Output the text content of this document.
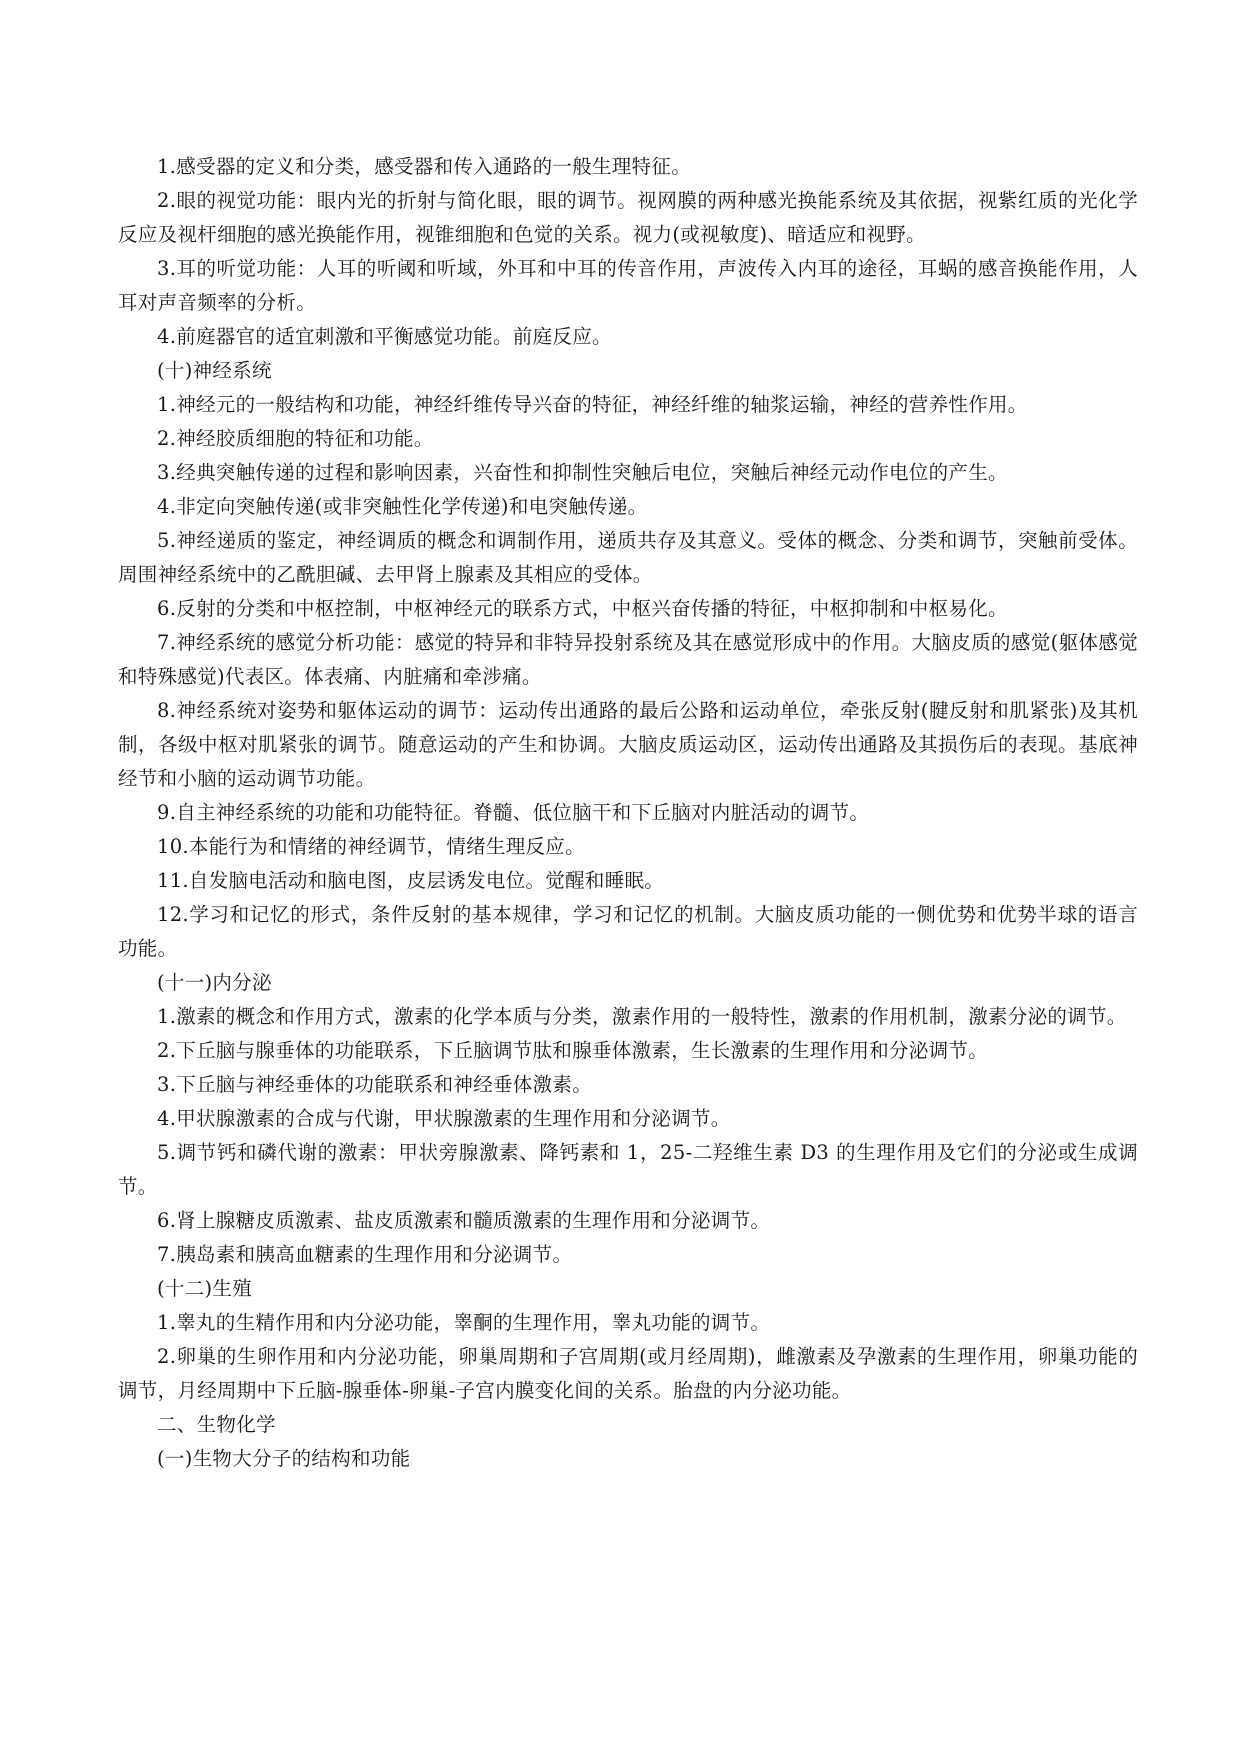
1.感受器的定义和分类，感受器和传入通路的一般生理特征。

2.眼的视觉功能：眼内光的折射与简化眼，眼的调节。视网膜的两种感光换能系统及其依据，视紫红质的光化学反应及视杆细胞的感光换能作用，视锥细胞和色觉的关系。视力(或视敏度)、暗适应和视野。

3.耳的听觉功能：人耳的听阈和听域，外耳和中耳的传音作用，声波传入内耳的途径，耳蜗的感音换能作用，人耳对声音频率的分析。

4.前庭器官的适宜刺激和平衡感觉功能。前庭反应。

(十)神经系统

1.神经元的一般结构和功能，神经纤维传导兴奋的特征，神经纤维的轴浆运输，神经的营养性作用。

2.神经胶质细胞的特征和功能。

3.经典突触传递的过程和影响因素，兴奋性和抑制性突触后电位，突触后神经元动作电位的产生。

4.非定向突触传递(或非突触性化学传递)和电突触传递。

5.神经递质的鉴定，神经调质的概念和调制作用，递质共存及其意义。受体的概念、分类和调节，突触前受体。周围神经系统中的乙酰胆碱、去甲肾上腺素及其相应的受体。

6.反射的分类和中枢控制，中枢神经元的联系方式，中枢兴奋传播的特征，中枢抑制和中枢易化。

7.神经系统的感觉分析功能：感觉的特异和非特异投射系统及其在感觉形成中的作用。大脑皮质的感觉(躯体感觉和特殊感觉)代表区。体表痛、内脏痛和牵涉痛。

8.神经系统对姿势和躯体运动的调节：运动传出通路的最后公路和运动单位，牵张反射(腱反射和肌紧张)及其机制，各级中枢对肌紧张的调节。随意运动的产生和协调。大脑皮质运动区，运动传出通路及其损伤后的表现。基底神经节和小脑的运动调节功能。

9.自主神经系统的功能和功能特征。脊髓、低位脑干和下丘脑对内脏活动的调节。

10.本能行为和情绪的神经调节，情绪生理反应。

11.自发脑电活动和脑电图，皮层诱发电位。觉醒和睡眠。

12.学习和记忆的形式，条件反射的基本规律，学习和记忆的机制。大脑皮质功能的一侧优势和优势半球的语言功能。

(十一)内分泌

1.激素的概念和作用方式，激素的化学本质与分类，激素作用的一般特性，激素的作用机制，激素分泌的调节。

2.下丘脑与腺垂体的功能联系，下丘脑调节肽和腺垂体激素，生长激素的生理作用和分泌调节。

3.下丘脑与神经垂体的功能联系和神经垂体激素。

4.甲状腺激素的合成与代谢，甲状腺激素的生理作用和分泌调节。

5.调节钙和磷代谢的激素：甲状旁腺激素、降钙素和 1，25-二羟维生素 D3 的生理作用及它们的分泌或生成调节。

6.肾上腺糖皮质激素、盐皮质激素和髓质激素的生理作用和分泌调节。

7.胰岛素和胰高血糖素的生理作用和分泌调节。

(十二)生殖

1.睾丸的生精作用和内分泌功能，睾酮的生理作用，睾丸功能的调节。

2.卵巢的生卵作用和内分泌功能，卵巢周期和子宫周期(或月经周期)，雌激素及孕激素的生理作用，卵巢功能的调节，月经周期中下丘脑-腺垂体-卵巢-子宫内膜变化间的关系。胎盘的内分泌功能。

二、生物化学

(一)生物大分子的结构和功能
